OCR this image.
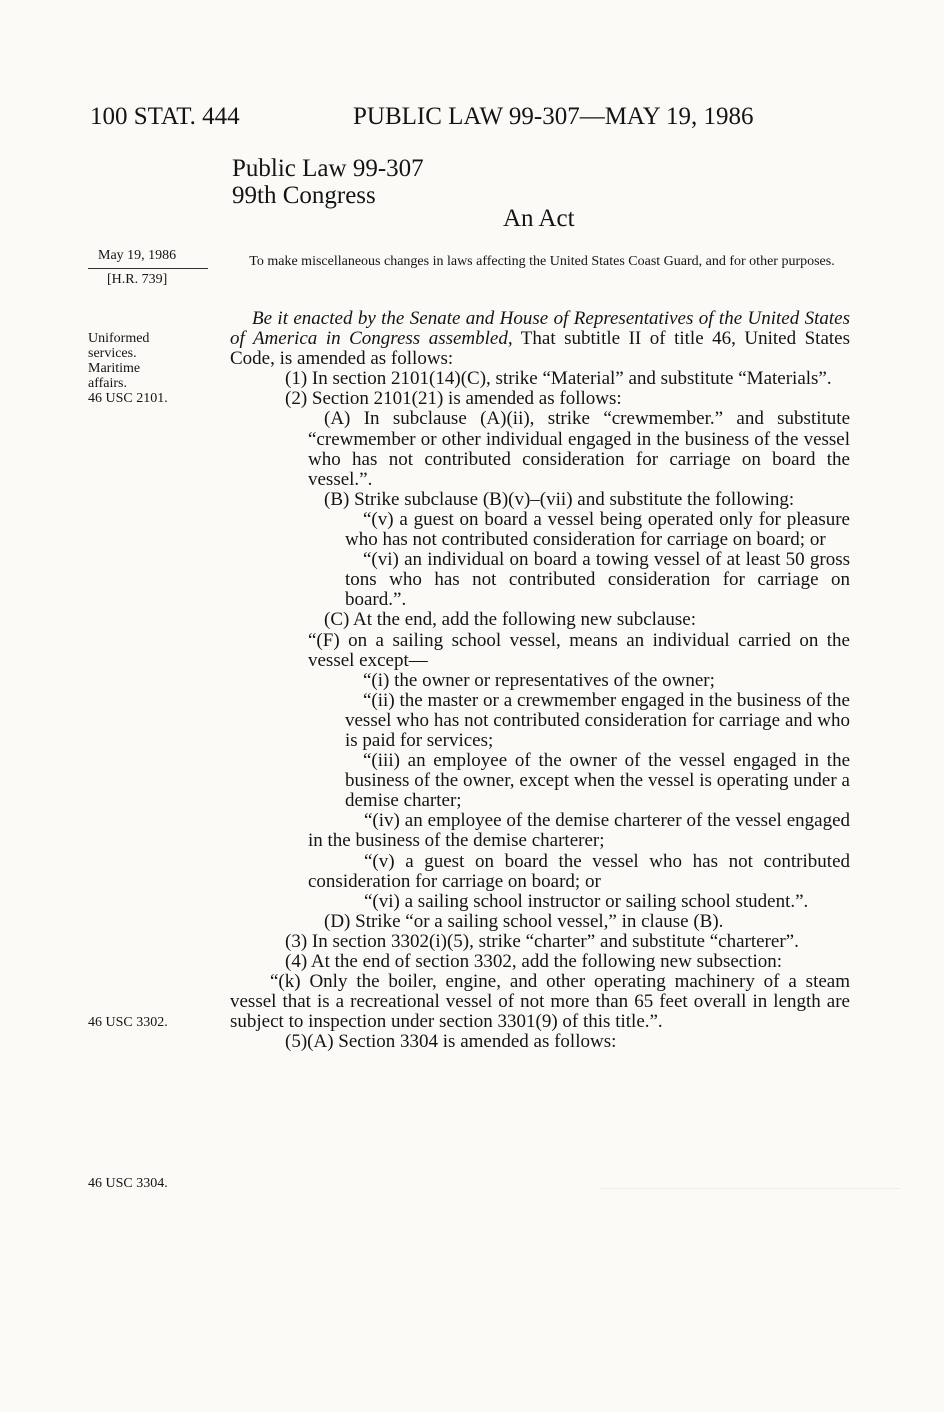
100 STAT. 444	PUBLIC LAW 99-307—MAY 19, 1986
Public Law 99-307
99th Congress
An Act
May 19, 1986
[H.R. 739]
To make miscellaneous changes in laws affecting the United States Coast Guard, and for other purposes.
Uniformed
services.
Maritime
affairs.
46 USC 2101.
46 USC 3302.
46 USC 3304.

Be it enacted by the Senate and House of Representatives of the United States of America in Congress assembled, That subtitle II of title 46, United States Code, is amended as follows:

(1) In section 2101(14)(C), strike “Material” and substitute “Materials”.

(2) Section 2101(21) is amended as follows:

(A) In subclause (A)(ii), strike “crewmember.” and substitute “crewmember or other individual engaged in the business of the vessel who has not contributed consideration for carriage on board the vessel.”.

(B) Strike subclause (B)(v)–(vii) and substitute the following:

“(v) a guest on board a vessel being operated only for pleasure who has not contributed consideration for carriage on board; or

“(vi) an individual on board a towing vessel of at least 50 gross tons who has not contributed consideration for carriage on board.”.

(C) At the end, add the following new subclause:

“(F) on a sailing school vessel, means an individual carried on the vessel except—

“(i) the owner or representatives of the owner;

“(ii) the master or a crewmember engaged in the business of the vessel who has not contributed consideration for carriage and who is paid for services;

“(iii) an employee of the owner of the vessel engaged in the business of the owner, except when the vessel is operating under a demise charter;

“(iv) an employee of the demise charterer of the vessel engaged in the business of the demise charterer;

“(v) a guest on board the vessel who has not contributed consideration for carriage on board; or

“(vi) a sailing school instructor or sailing school student.”.

(D) Strike “or a sailing school vessel,” in clause (B).

(3) In section 3302(i)(5), strike “charter” and substitute “charterer”.

(4) At the end of section 3302, add the following new subsection:

“(k) Only the boiler, engine, and other operating machinery of a steam vessel that is a recreational vessel of not more than 65 feet overall in length are subject to inspection under section 3301(9) of this title.”.

(5)(A) Section 3304 is amended as follows:
